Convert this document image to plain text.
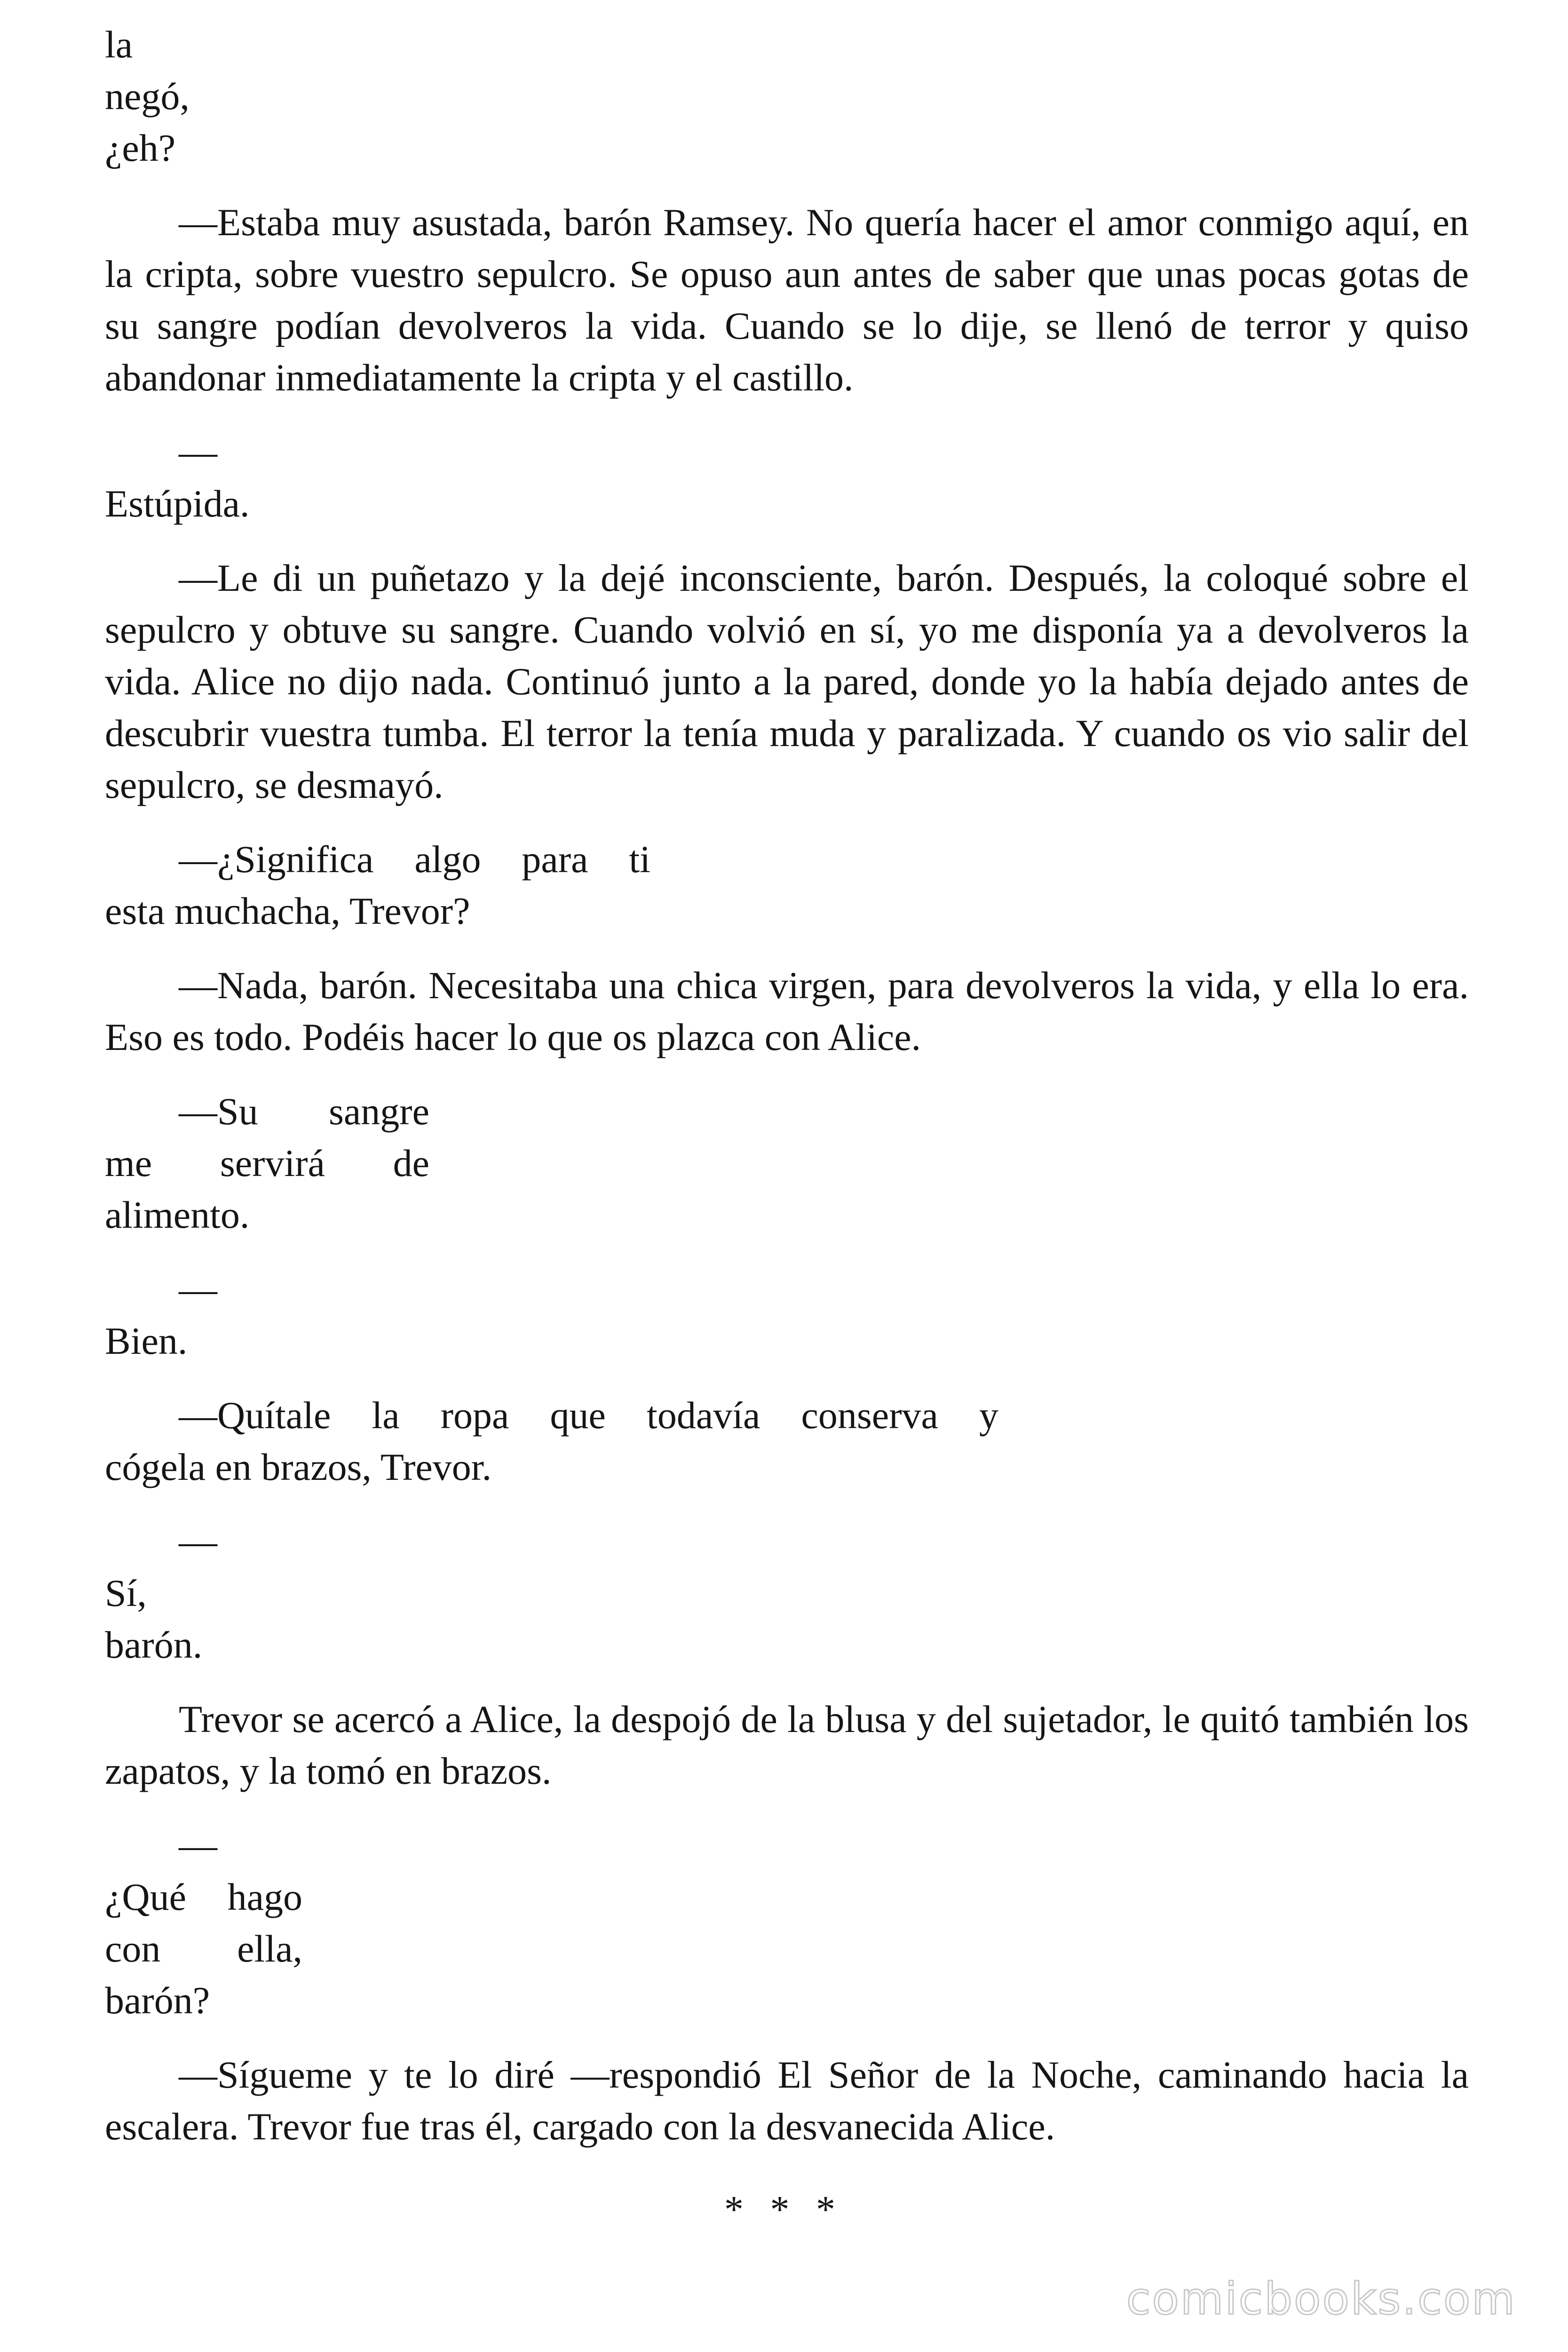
la
negó,
¿eh?

—Estaba muy asustada, barón Ramsey. No quería hacer el amor conmigo aquí, en la cripta, sobre vuestro sepulcro. Se opuso aun antes de saber que unas pocas gotas de su sangre podían devolveros la vida. Cuando se lo dije, se llenó de terror y quiso abandonar inmediatamente la cripta y el castillo.

—
Estúpida.

—Le di un puñetazo y la dejé inconsciente, barón. Después, la coloqué sobre el sepulcro y obtuve su sangre. Cuando volvió en sí, yo me disponía ya a devolveros la vida. Alice no dijo nada. Continuó junto a la pared, donde yo la había dejado antes de descubrir vuestra tumba. El terror la tenía muda y paralizada. Y cuando os vio salir del sepulcro, se desmayó.

—¿Significa algo para ti
esta muchacha, Trevor?

—Nada, barón. Necesitaba una chica virgen, para devolveros la vida, y ella lo era. Eso es todo. Podéis hacer lo que os plazca con Alice.

—Su sangre
me servirá de
alimento.
—
Bien.
—Quítale la ropa que todavía conserva y
cógela en brazos, Trevor.
—
Sí,
barón.

Trevor se acercó a Alice, la despojó de la blusa y del sujetador, le quitó también los zapatos, y la tomó en brazos.

—
¿Qué hago
con ella,
barón?

—Sígueme y te lo diré —respondió El Señor de la Noche, caminando hacia la escalera. Trevor fue tras él, cargado con la desvanecida Alice.

* * *
comicbooks.com
